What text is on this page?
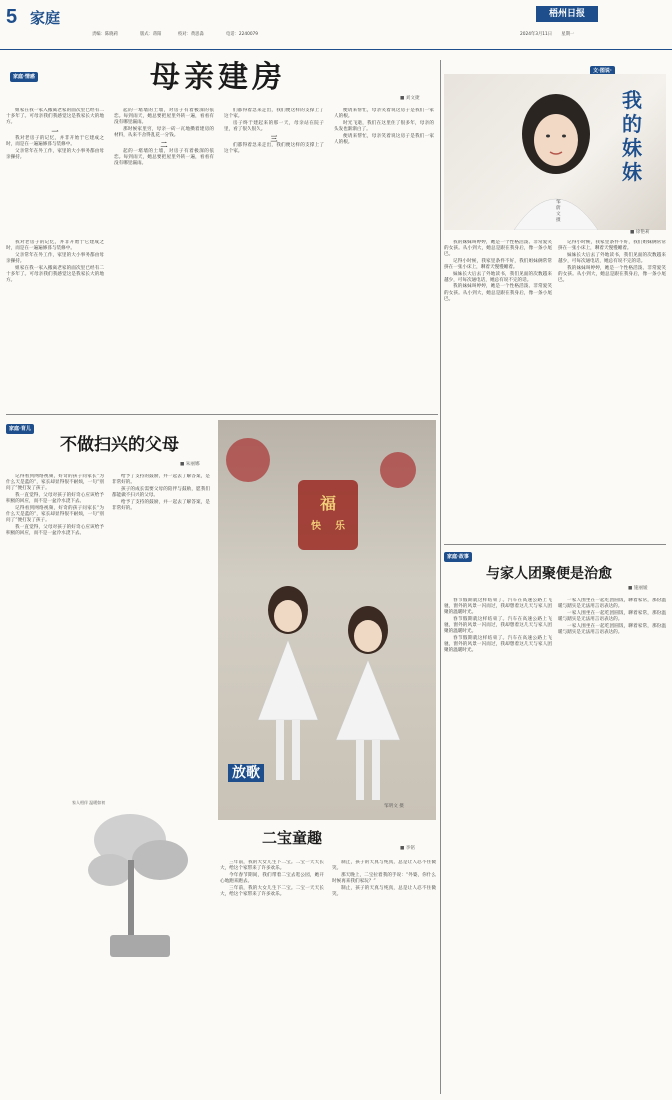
5 家庭
责编：陈晓莉	版式：蒋阳	校对：黄思淼	电话：2240079
梧州日报
2024年3月11日 星期一
家庭·情感	母亲建房
■ 刘文捷

姐家在我一家入搬离老家的面次里已经有二十多年了。可母亲我们我感觉这是我家长大的地方。

一

我对老房子的记忆，并非开始于它建成之时，而是在一遍遍修葺与装修中。

父亲常年在外工作，家里的大小事务都由母亲操持。

我对老房子的记忆，并非开始于它建成之时，而是在一遍遍修葺与装修中。

父亲常年在外工作，家里的大小事务都由母亲操持。

姐家在我一家入搬离老家的面次里已经有二十多年了。可母亲我们我感觉这是我家长大的地方。

起的一堵墙的土墙，对房子有着极深的依恋。每到雨天，她总要把屋里外转一遍，看看有没有哪里漏雨。

那时候家里穷，母亲一砖一瓦地攒着建房的材料，从来不舍得乱花一分钱。

二

起的一堵墙的土墙，对房子有着极深的依恋。每到雨天，她总要把屋里外转一遍，看看有没有哪里漏雨。

们都得着急来走出，我们便这样的支撑上了这个家。

房子终于建起来的那一天，母亲站在院子里，看了很久很久。

三

们都得着急来走出，我们便这样的支撑上了这个家。

便请来帮忙，母亲笑着说这房子是我们一家人的根。

时光飞逝，我们在这里住了很多年，母亲的头发也渐渐白了。

便请来帮忙，母亲笑着说这房子是我们一家人的根。

文·图说·
我的妹妹
邹蔚文 摄
■ 徐艳莉

我的妹妹叫婷婷，她是一个性格活泼、非常爱笑的女孩。从小到大，她总是跟在我身后，像一条小尾巴。

记得小时候，我家里条件不好，我们姐妹俩常常挤在一张小床上，聊着天慢慢睡着。

妹妹长大后去了外地读书，我们见面的次数越来越少，可每次通电话，她总有说不完的话。

我的妹妹叫婷婷，她是一个性格活泼、非常爱笑的女孩。从小到大，她总是跟在我身后，像一条小尾巴。

记得小时候，我家里条件不好，我们姐妹俩常常挤在一张小床上，聊着天慢慢睡着。

妹妹长大后去了外地读书，我们见面的次数越来越少，可每次通电话，她总有说不完的话。

我的妹妹叫婷婷，她是一个性格活泼、非常爱笑的女孩。从小到大，她总是跟在我身后，像一条小尾巴。

家庭·育儿
不做扫兴的父母
■ 朱丽娜

记得看到网络视频，好奇的孩子问家长“为什么天是蓝的”，家长却显得很不耐烦，一句“别问了”便打发了孩子。

我一直觉得，父母对孩子的好奇心应该给予积极的回应，而不是一盆冷水浇下去。

记得看到网络视频，好奇的孩子问家长“为什么天是蓝的”，家长却显得很不耐烦，一句“别问了”便打发了孩子。

我一直觉得，父母对孩子的好奇心应该给予积极的回应，而不是一盆冷水浇下去。

给予了支持的鼓励，并一起去了解答案，是非常好的。

孩子的成长需要父母的陪伴与鼓励，愿我们都能做不扫兴的父母。

给予了支持的鼓励，并一起去了解答案，是非常好的。

家人相伴 温暖如初
福
快	乐
邹明文 摄
放歌
二宝童趣
■ 李铭

三年前，我的大女儿生下二宝。二宝一天天长大，给这个家带来了许多欢乐。

今年春节期间，我们带着二宝去逛公园，她开心地跑来跑去。

三年前，我的大女儿生下二宝。二宝一天天长大，给这个家带来了许多欢乐。

制止，孩子的天真与纯真，总是让人忍不住微笑。

那天晚上，二宝拉着我的手说：“外婆，你什么时候再来我们家玩？”

制止，孩子的天真与纯真，总是让人忍不住微笑。

家庭·故事
与家人团聚便是治愈
■ 施丽媛

春节假期就这样结束了。汽车在高速公路上飞驰，窗外的风景一闪而过，我却想着这几天与家人团聚的温暖时光。

春节假期就这样结束了。汽车在高速公路上飞驰，窗外的风景一闪而过，我却想着这几天与家人团聚的温暖时光。

春节假期就这样结束了。汽车在高速公路上飞驰，窗外的风景一闪而过，我却想着这几天与家人团聚的温暖时光。

一家人围坐在一起吃团圆饭，聊着家常，那份温暖与踏实是无法用言语表达的。

一家人围坐在一起吃团圆饭，聊着家常，那份温暖与踏实是无法用言语表达的。

一家人围坐在一起吃团圆饭，聊着家常，那份温暖与踏实是无法用言语表达的。
